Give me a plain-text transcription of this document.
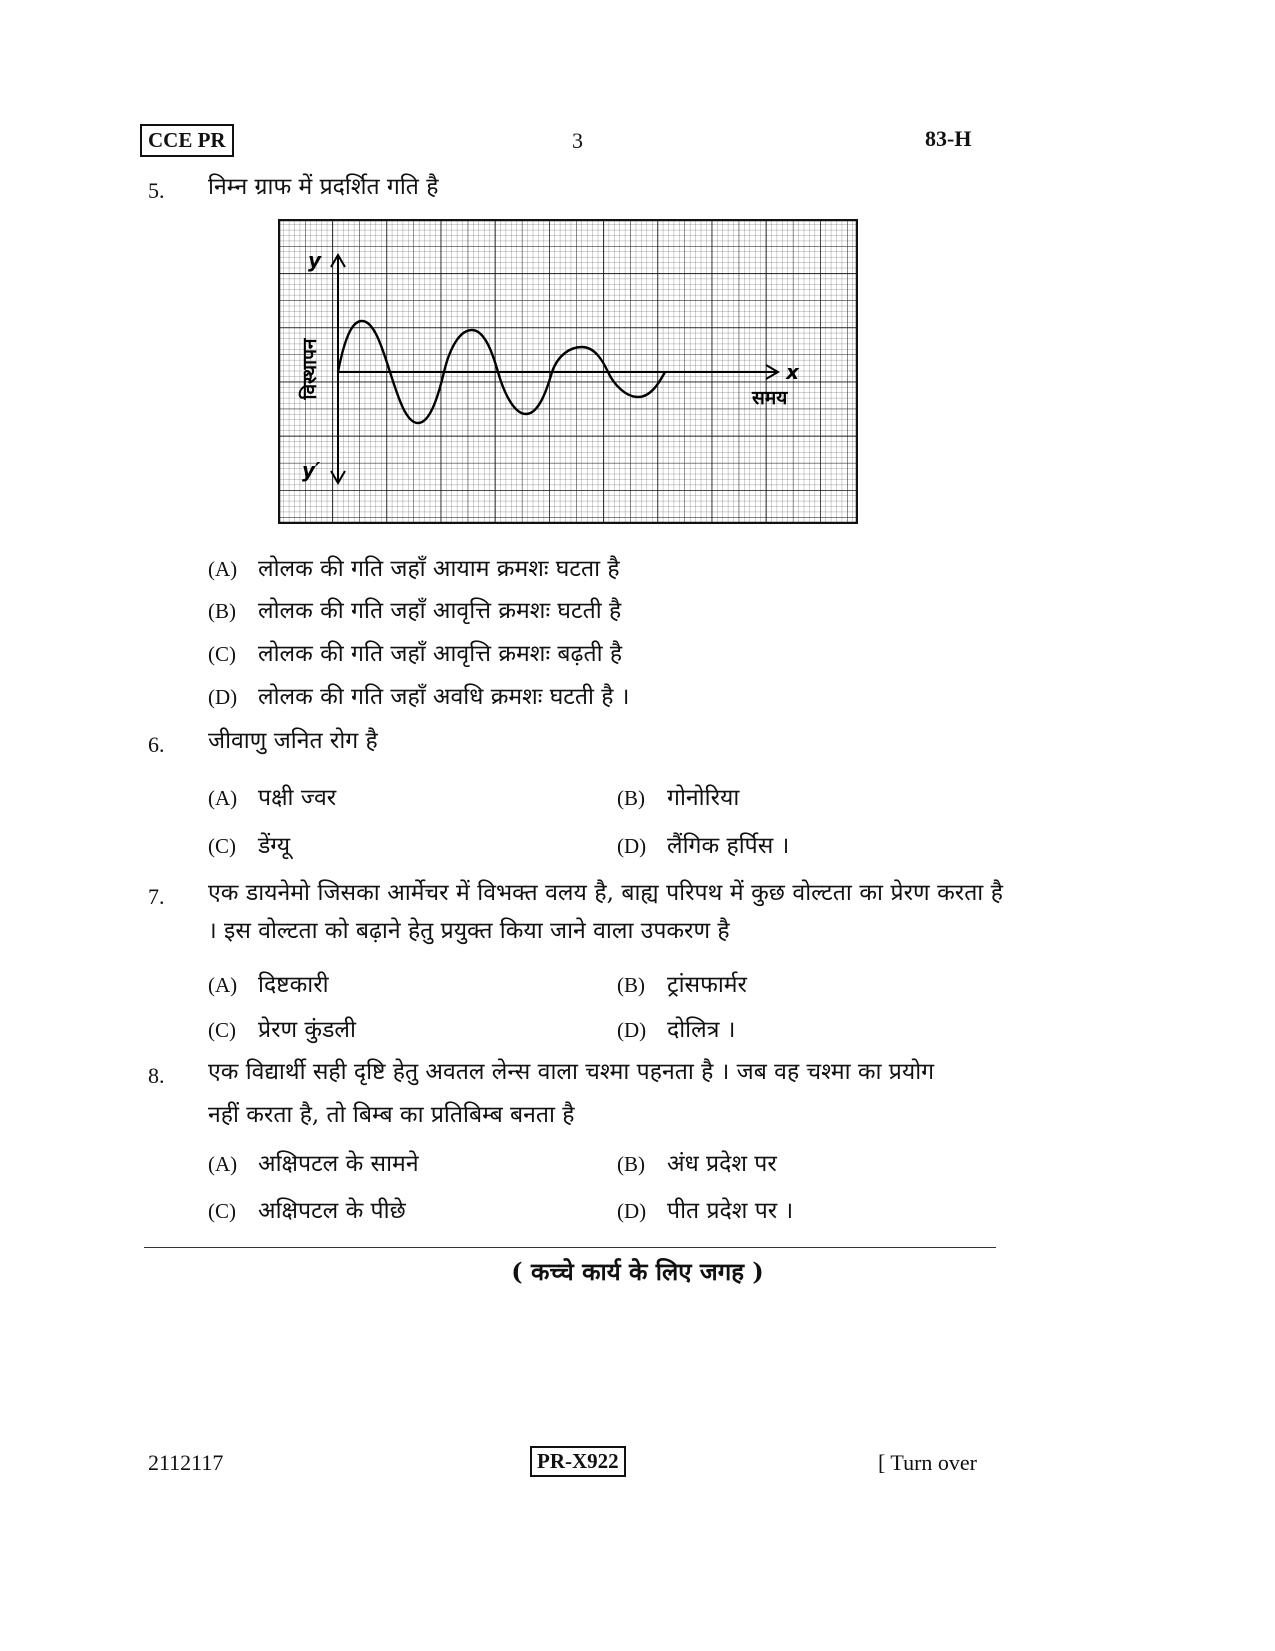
CCE PR	3	83-H
5. निम्न ग्राफ में प्रदर्शित गति है
y
y′
x
समय
विस्थापन
(A) लोलक की गति जहाँ आयाम क्रमशः घटता है
(B) लोलक की गति जहाँ आवृत्ति क्रमशः घटती है
(C) लोलक की गति जहाँ आवृत्ति क्रमशः बढ़ती है
(D) लोलक की गति जहाँ अवधि क्रमशः घटती है ।
6. जीवाणु जनित रोग है
(A) पक्षी ज्वर	(B) गोनोरिया
(C) डेंग्यू	(D) लैंगिक हर्पिस ।
7. एक डायनेमो जिसका आर्मेचर में विभक्त वलय है, बाह्य परिपथ में कुछ वोल्टता का प्रेरण करता है । इस वोल्टता को बढ़ाने हेतु प्रयुक्त किया जाने वाला उपकरण है
(A) दिष्टकारी	(B) ट्रांसफार्मर
(C) प्रेरण कुंडली	(D) दोलित्र ।
8. एक विद्यार्थी सही दृष्टि हेतु अवतल लेन्स वाला चश्मा पहनता है । जब वह चश्मा का प्रयोग
नहीं करता है, तो बिम्ब का प्रतिबिम्ब बनता है
(A) अक्षिपटल के सामने	(B) अंध प्रदेश पर
(C) अक्षिपटल के पीछे	(D) पीत प्रदेश पर ।
( कच्चे कार्य के लिए जगह )
2112117	PR-X922	[ Turn over
